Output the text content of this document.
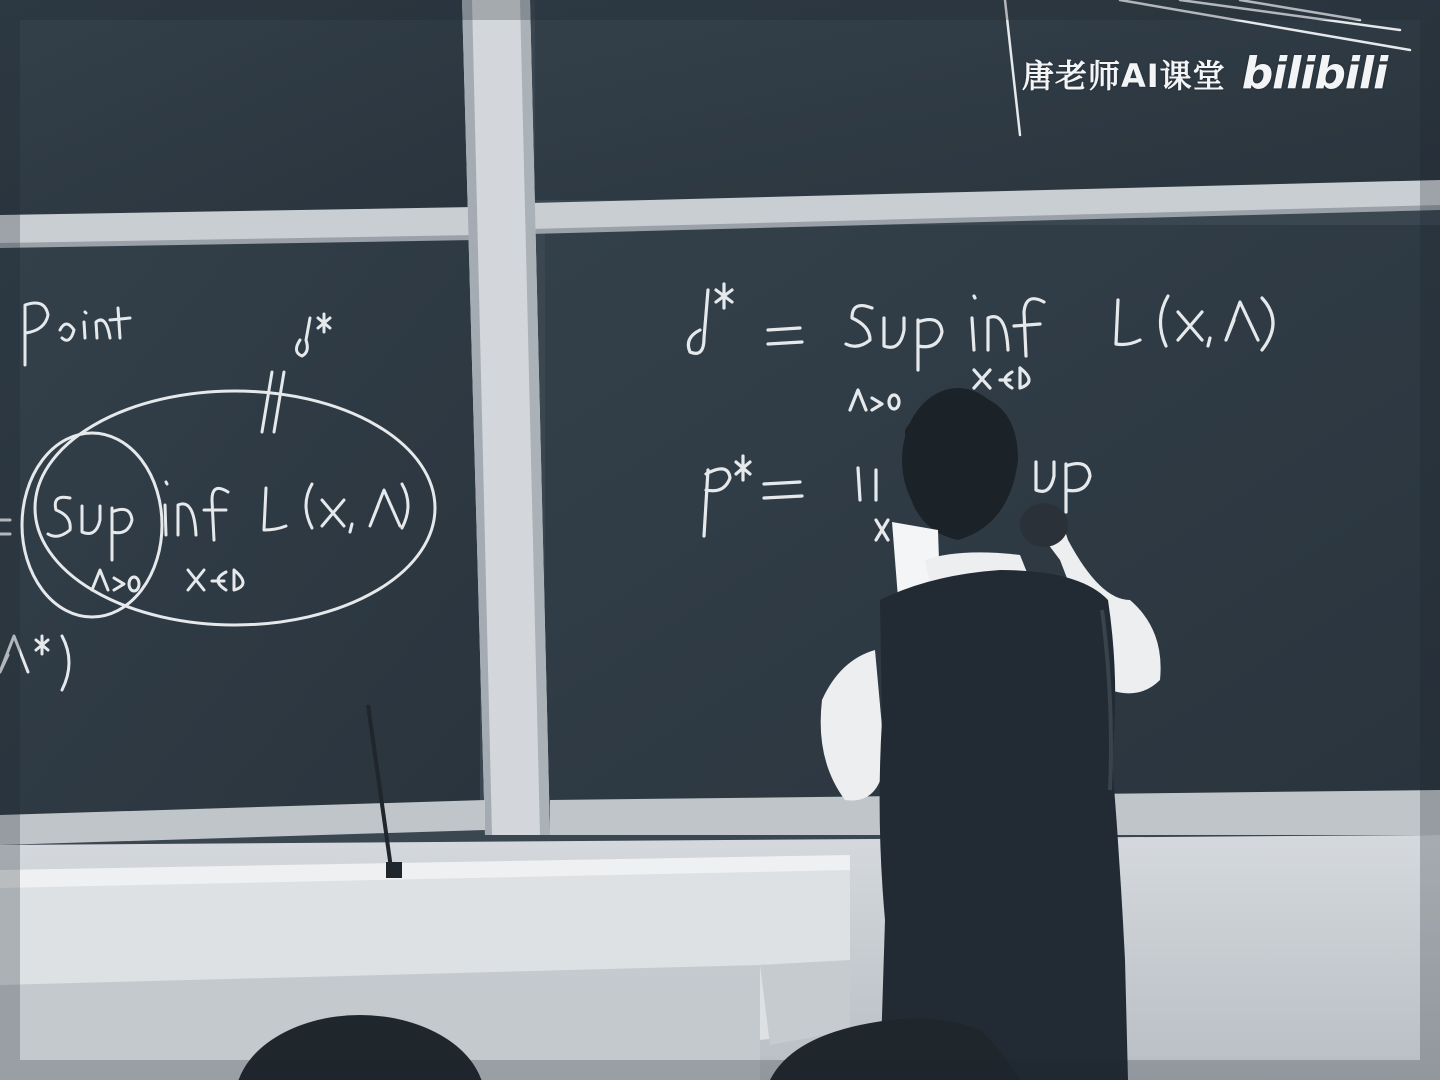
唐老师AI课堂 bilibili
